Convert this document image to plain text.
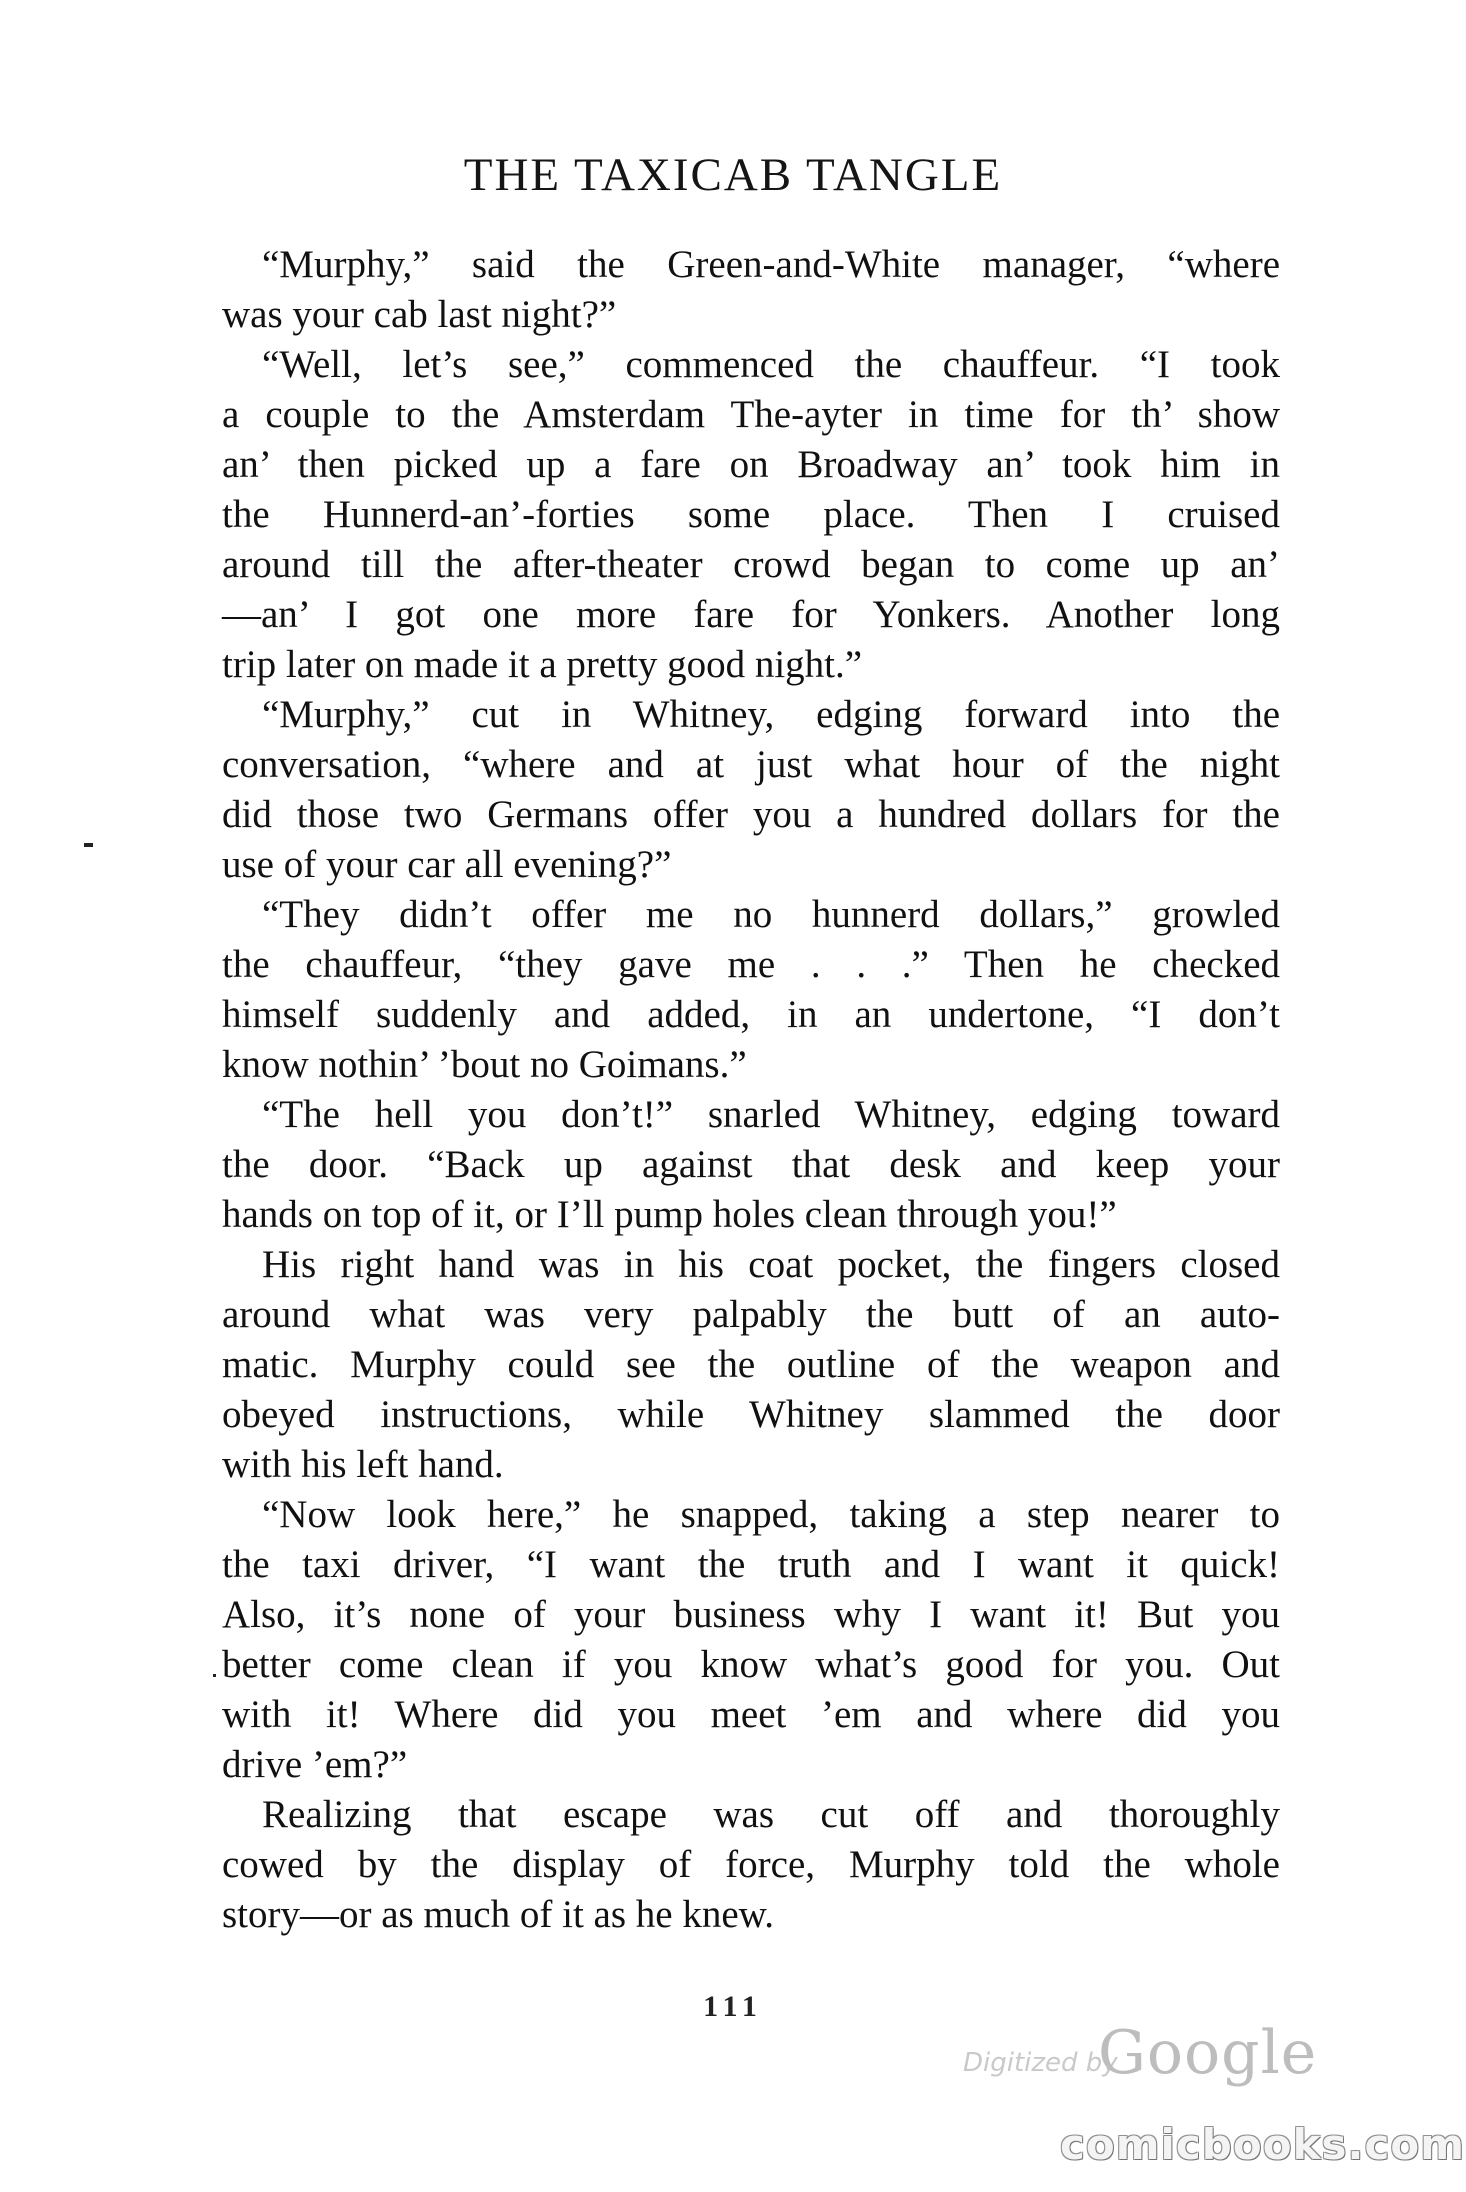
THE TAXICAB TANGLE
“Murphy,” said the Green-and-White manager, “where
was your cab last night?”
“Well, let’s see,” commenced the chauffeur. “I took
a couple to the Amsterdam The-ayter in time for th’ show
an’ then picked up a fare on Broadway an’ took him in
the Hunnerd-an’-forties some place. Then I cruised
around till the after-theater crowd began to come up an’
—an’ I got one more fare for Yonkers. Another long
trip later on made it a pretty good night.”
“Murphy,” cut in Whitney, edging forward into the
conversation, “where and at just what hour of the night
did those two Germans offer you a hundred dollars for the
use of your car all evening?”
“They didn’t offer me no hunnerd dollars,” growled
the chauffeur, “they gave me . . .” Then he checked
himself suddenly and added, in an undertone, “I don’t
know nothin’ ’bout no Goimans.”
“The hell you don’t!” snarled Whitney, edging toward
the door. “Back up against that desk and keep your
hands on top of it, or I’ll pump holes clean through you!”
His right hand was in his coat pocket, the fingers closed
around what was very palpably the butt of an auto-
matic. Murphy could see the outline of the weapon and
obeyed instructions, while Whitney slammed the door
with his left hand.
“Now look here,” he snapped, taking a step nearer to
the taxi driver, “I want the truth and I want it quick!
Also, it’s none of your business why I want it! But you
better come clean if you know what’s good for you. Out
with it! Where did you meet ’em and where did you
drive ’em?”
Realizing that escape was cut off and thoroughly
cowed by the display of force, Murphy told the whole
story—or as much of it as he knew.
111
Digitized by
Google
comicbooks.com
